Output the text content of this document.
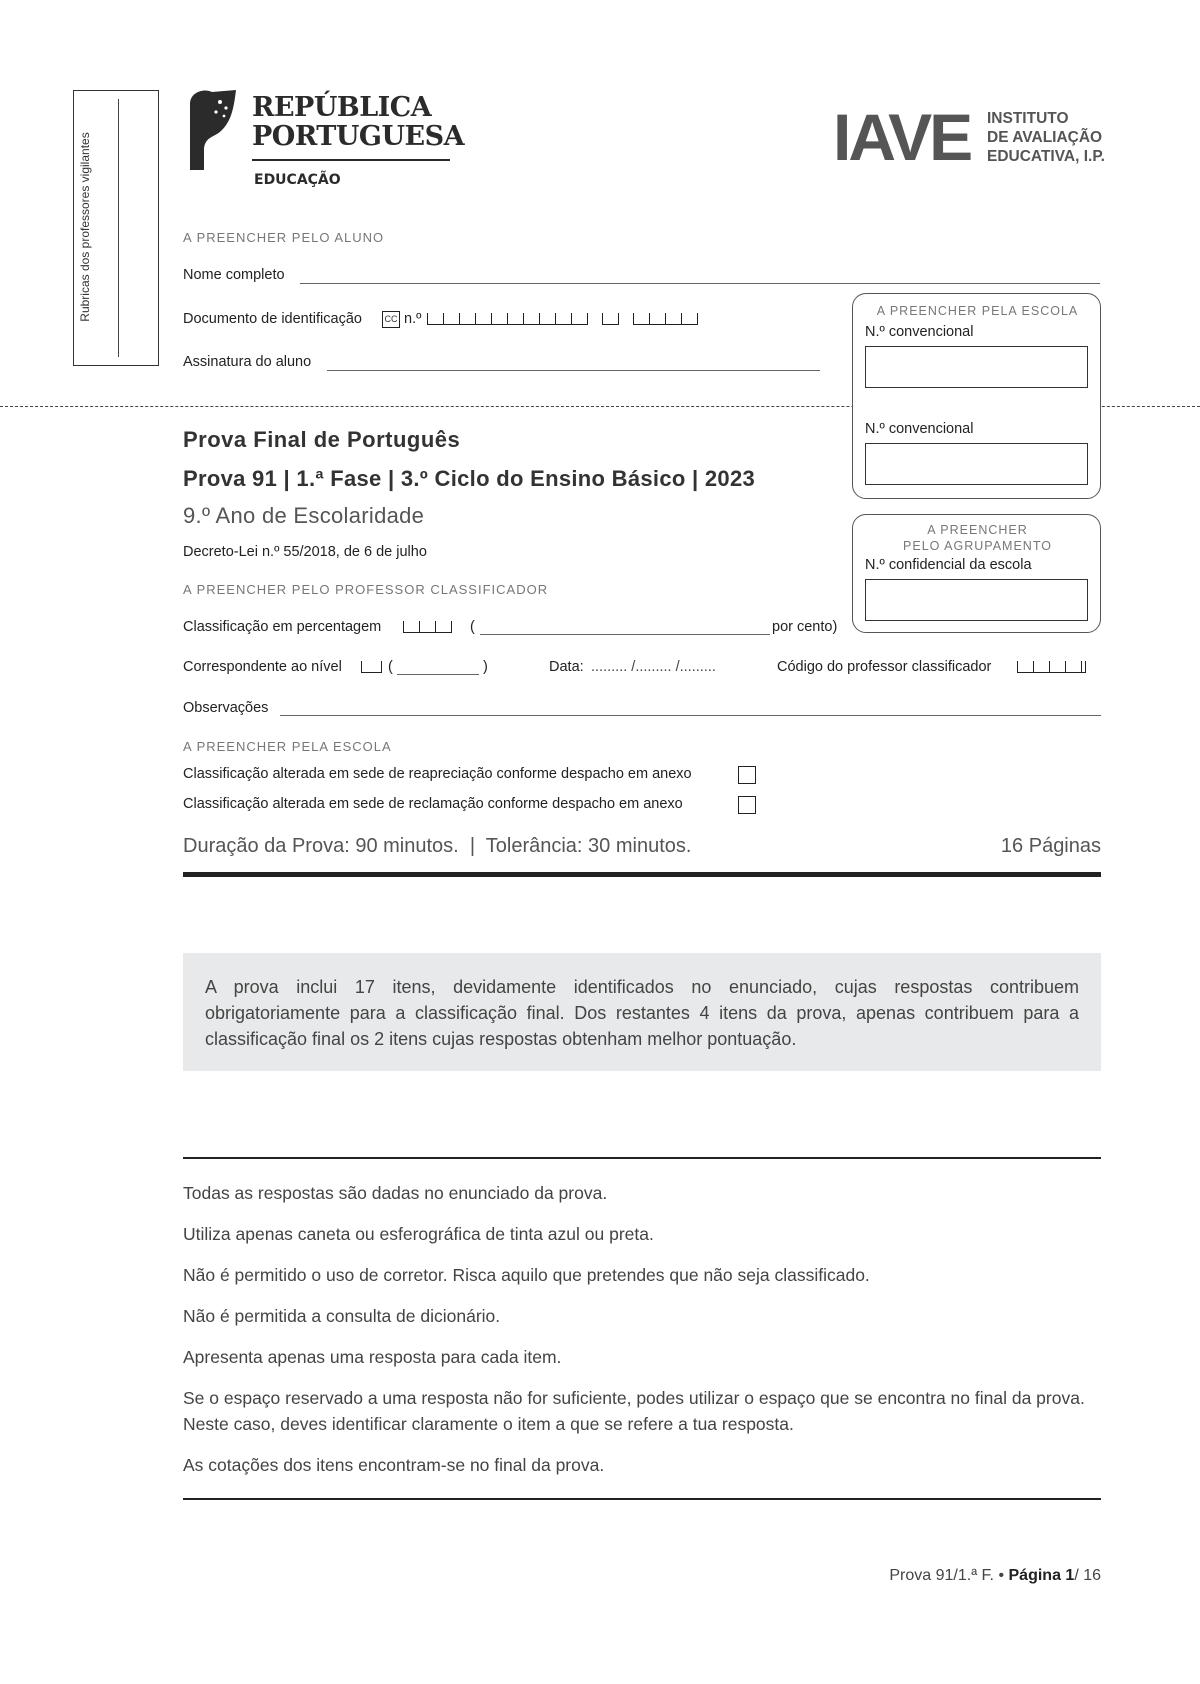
Rubricas dos professores vigilantes
REPÚBLICA
PORTUGUESA
EDUCAÇÃO
IAVE INSTITUTO
DE AVALIAÇÃO
EDUCATIVA, I.P.
A PREENCHER PELO ALUNO
Nome completo
Documento de identificação	CC n.º
Assinatura do aluno
A PREENCHER PELA ESCOLA
N.º convencional
N.º convencional
A PREENCHER
PELO AGRUPAMENTO
N.º confidencial da escola
Prova Final de Português
Prova 91 | 1.ª Fase | 3.º Ciclo do Ensino Básico | 2023
9.º Ano de Escolaridade
Decreto-Lei n.º 55/2018, de 6 de julho
A PREENCHER PELO PROFESSOR CLASSIFICADOR
Classificação em percentagem	(	por cento)
Correspondente ao nível	(	)	Data: ......... /......... /.........	Código do professor classificador
Observações
A PREENCHER PELA ESCOLA
Classificação alterada em sede de reapreciação conforme despacho em anexo
Classificação alterada em sede de reclamação conforme despacho em anexo
Duração da Prova: 90 minutos.  |  Tolerância: 30 minutos.	16 Páginas
A prova inclui 17 itens, devidamente identificados no enunciado, cujas respostas contribuem obrigatoriamente para a classificação final. Dos restantes 4 itens da prova, apenas contribuem para a classificação final os 2 itens cujas respostas obtenham melhor pontuação.
Todas as respostas são dadas no enunciado da prova.
Utiliza apenas caneta ou esferográfica de tinta azul ou preta.
Não é permitido o uso de corretor. Risca aquilo que pretendes que não seja classificado.
Não é permitida a consulta de dicionário.
Apresenta apenas uma resposta para cada item.
Se o espaço reservado a uma resposta não for suficiente, podes utilizar o espaço que se encontra no final da prova. Neste caso, deves identificar claramente o item a que se refere a tua resposta.
As cotações dos itens encontram-se no final da prova.
Prova 91/1.ª F. • Página 1/ 16
